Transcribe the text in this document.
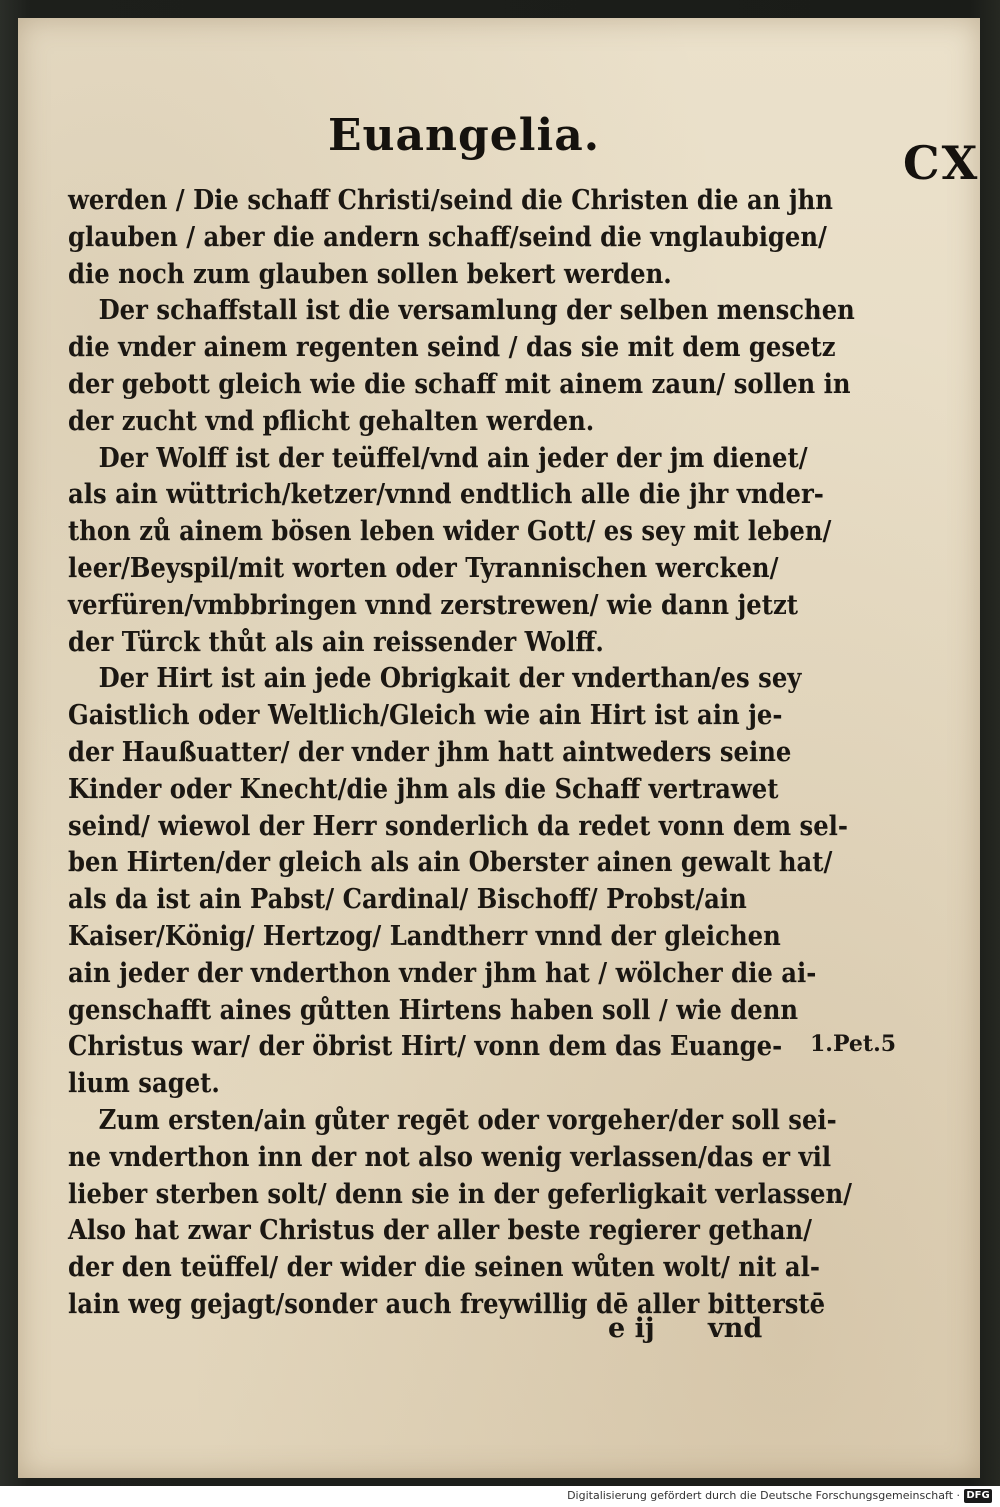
Euangelia.
CX
werden / Die schaff Christi/seind die Christen die an jhn
glauben / aber die andern schaff/seind die vnglaubigen/
die noch zum glauben sollen bekert werden.
Der schaffstall ist die versamlung der selben menschen
die vnder ainem regenten seind / das sie mit dem gesetz
der gebott gleich wie die schaff mit ainem zaun/ sollen in
der zucht vnd pflicht gehalten werden.
Der Wolff ist der teüffel/vnd ain jeder der jm dienet/
als ain wüttrich/ketzer/vnnd endtlich alle die jhr vnder-
thon zů ainem bösen leben wider Gott/ es sey mit leben/
leer/Beyspil/mit worten oder Tyrannischen wercken/
verfüren/vmbbringen vnnd zerstrewen/ wie dann jetzt
der Türck thůt als ain reissender Wolff.
Der Hirt ist ain jede Obrigkait der vnderthan/es sey
Gaistlich oder Weltlich/Gleich wie ain Hirt ist ain je-
der Haußuatter/ der vnder jhm hatt aintweders seine
Kinder oder Knecht/die jhm als die Schaff vertrawet
seind/ wiewol der Herr sonderlich da redet vonn dem sel-
ben Hirten/der gleich als ain Oberster ainen gewalt hat/
als da ist ain Pabst/ Cardinal/ Bischoff/ Probst/ain
Kaiser/König/ Hertzog/ Landtherr vnnd der gleichen
ain jeder der vnderthon vnder jhm hat / wölcher die ai-
genschafft aines gůtten Hirtens haben soll / wie denn
Christus war/ der öbrist Hirt/ vonn dem das Euange-
lium saget.
Zum ersten/ain gůter regēt oder vorgeher/der soll sei-
ne vnderthon inn der not also wenig verlassen/das er vil
lieber sterben solt/ denn sie in der geferligkait verlassen/
Also hat zwar Christus der aller beste regierer gethan/
der den teüffel/ der wider die seinen wůten wolt/ nit al-
lain weg gejagt/sonder auch freywillig dē aller bitterstē
1.Pet.5
e ij vnd
Digitalisierung gefördert durch die Deutsche Forschungsgemeinschaft · DFG
